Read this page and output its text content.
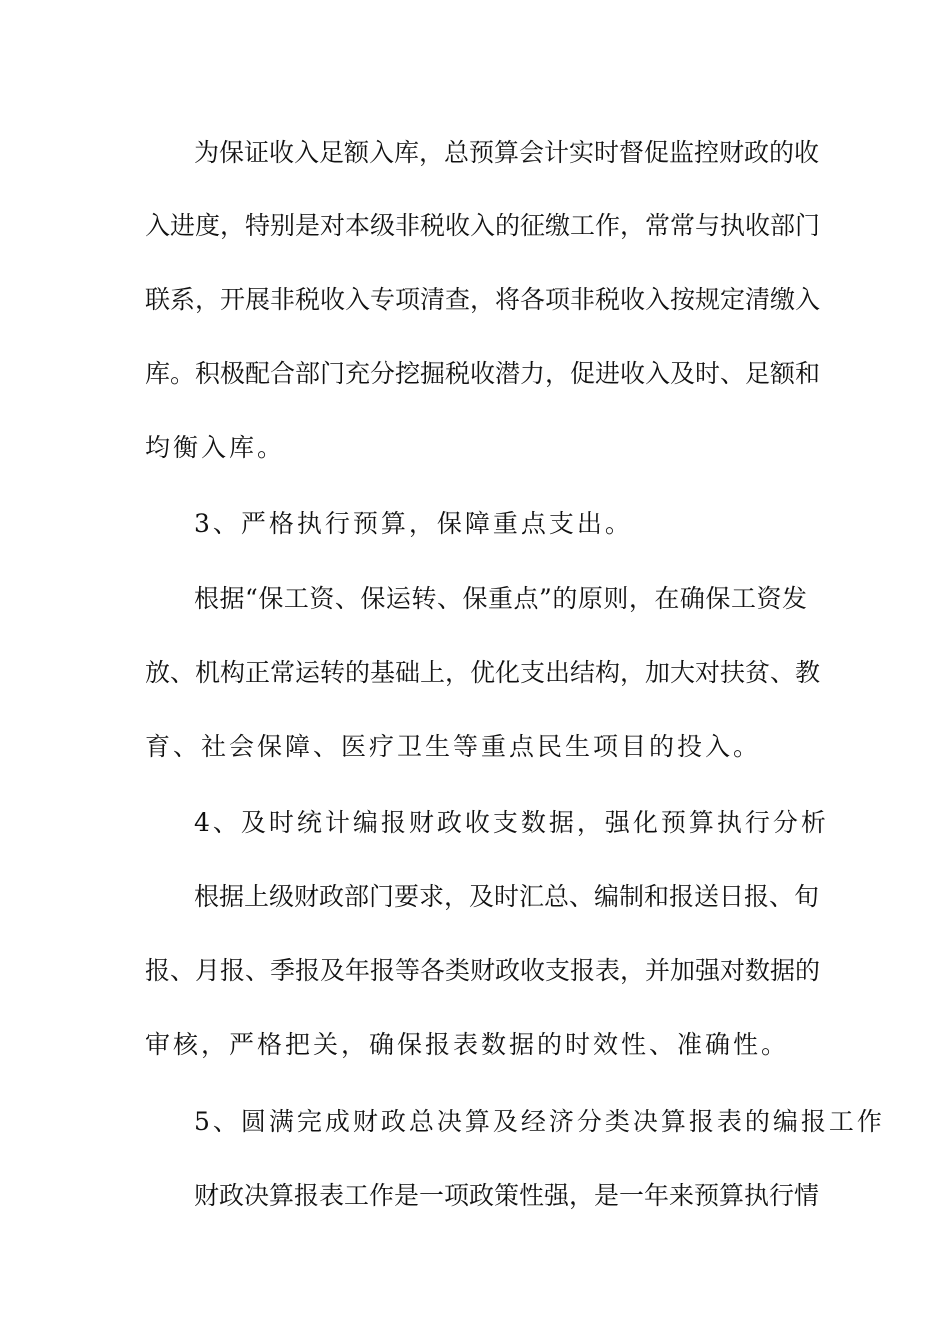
为保证收入足额入库，总预算会计实时督促监控财政的收
入进度，特别是对本级非税收入的征缴工作，常常与执收部门
联系，开展非税收入专项清查，将各项非税收入按规定清缴入
库。积极配合部门充分挖掘税收潜力，促进收入及时、足额和
均衡入库。
3、严格执行预算，保障重点支出。
根据“保工资、保运转、保重点”的原则，在确保工资发
放、机构正常运转的基础上，优化支出结构，加大对扶贫、教
育、社会保障、医疗卫生等重点民生项目的投入。
4、及时统计编报财政收支数据，强化预算执行分析
根据上级财政部门要求，及时汇总、编制和报送日报、旬
报、月报、季报及年报等各类财政收支报表，并加强对数据的
审核，严格把关，确保报表数据的时效性、准确性。
5、圆满完成财政总决算及经济分类决算报表的编报工作
财政决算报表工作是一项政策性强，是一年来预算执行情
